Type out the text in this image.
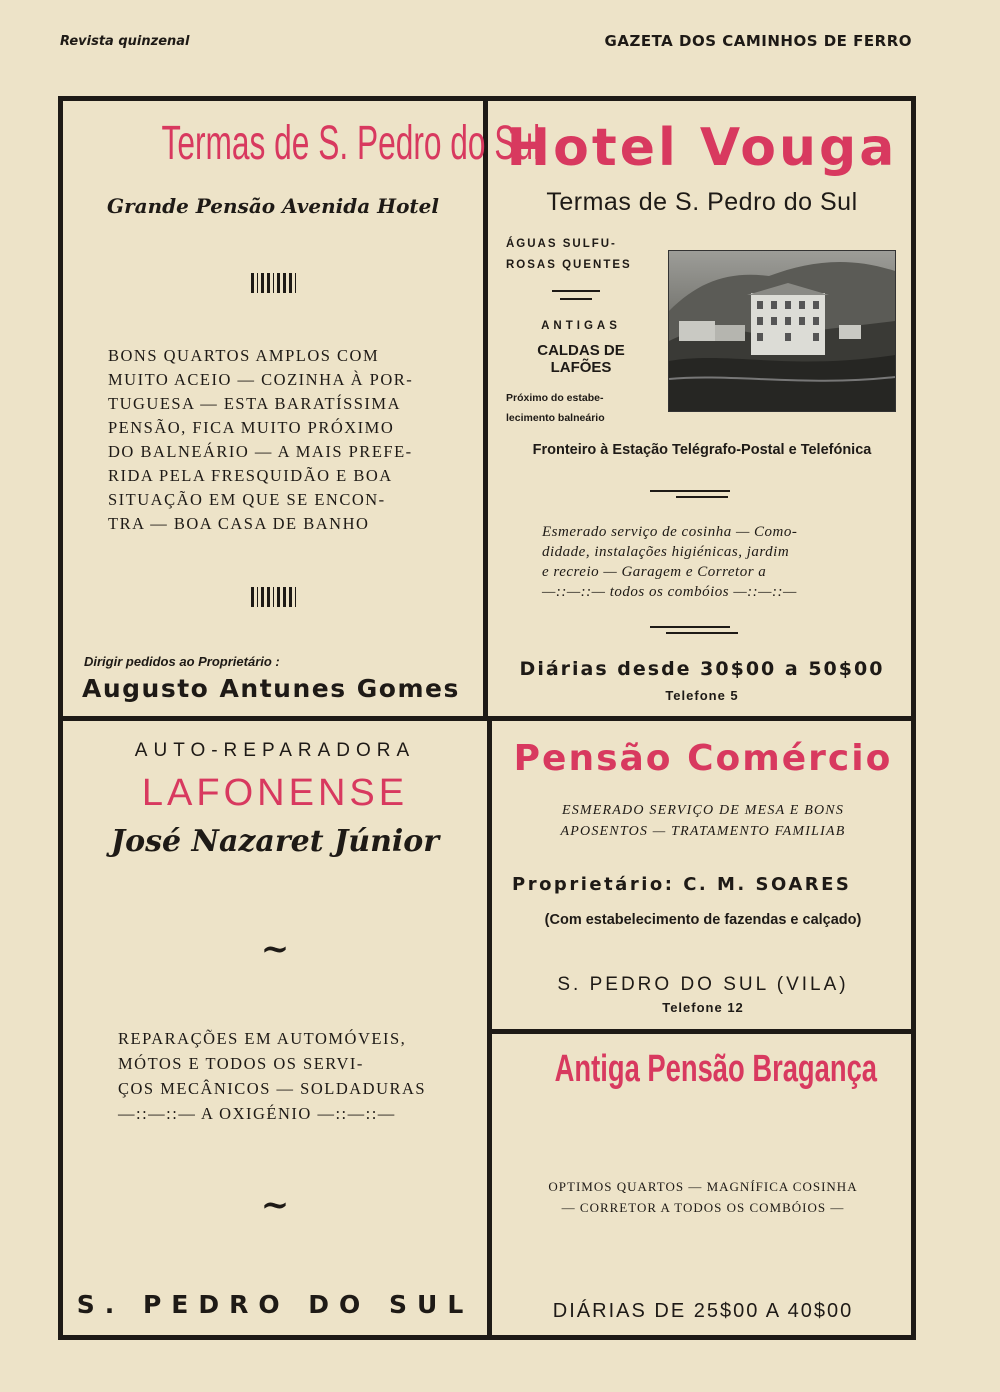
Revista quinzenal	GAZETA DOS CAMINHOS DE FERRO
Termas de S. Pedro do Sul
Grande Pensão Avenida Hotel
BONS QUARTOS AMPLOS COM
MUITO ACEIO — COZINHA À POR-
TUGUESA — ESTA BARATÍSSIMA
PENSÃO, FICA MUITO PRÓXIMO
DO BALNEÁRIO — A MAIS PREFE-
RIDA PELA FRESQUIDÃO E BOA
SITUAÇÃO EM QUE SE ENCON-
TRA — BOA CASA DE BANHO
Dirigir pedidos ao Proprietário :
Augusto Antunes Gomes
Hotel Vouga
Termas de S. Pedro do Sul
ÁGUAS SULFU-
ROSAS QUENTES
ANTIGAS
CALDAS DE LAFÕES
Próximo do estabe-
lecimento balneário
Fronteiro à Estação Telégrafo-Postal e Telefónica
Esmerado serviço de cosinha — Como-
didade, instalações higiénicas, jardim
e recreio — Garagem e Corretor a
—::—::— todos os combóios —::—::—
Diárias desde 30$00 a 50$00
Telefone 5
AUTO-REPARADORA
LAFONENSE
José Nazaret Júnior
~
REPARAÇÕES EM AUTOMÓVEIS,
MÓTOS E TODOS OS SERVI-
ÇOS MECÂNICOS — SOLDADURAS
—::—::— A OXIGÉNIO —::—::—
~
S. PEDRO DO SUL
Pensão Comércio
ESMERADO SERVIÇO DE MESA E BONS
APOSENTOS — TRATAMENTO FAMILIAB
Proprietário: C. M. SOARES
(Com estabelecimento de fazendas e calçado)
S. PEDRO DO SUL (VILA)
Telefone 12
Antiga Pensão Bragança
OPTIMOS QUARTOS — MAGNÍFICA COSINHA
— CORRETOR A TODOS OS COMBÓIOS —
DIÁRIAS DE 25$00 A 40$00
